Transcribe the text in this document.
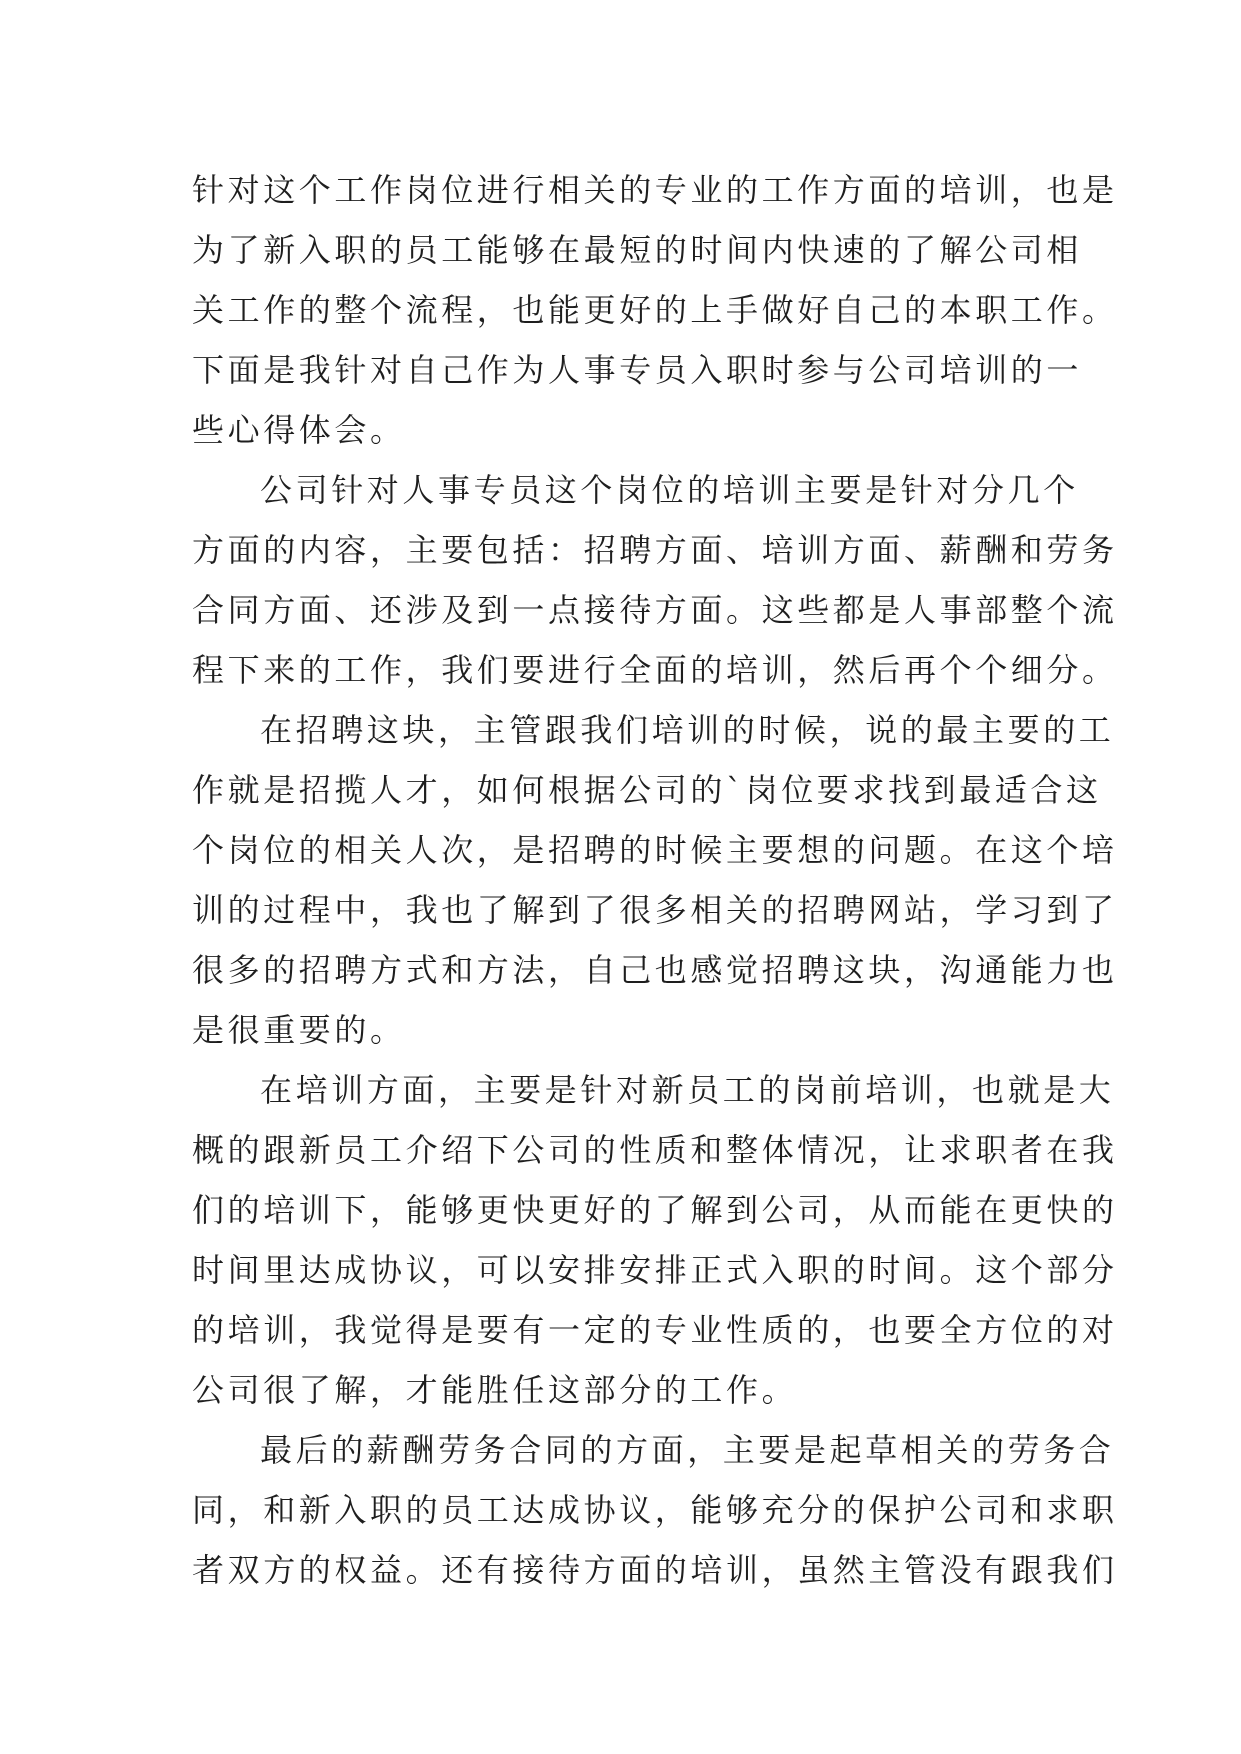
针对这个工作岗位进行相关的专业的工作方面的培训，也是
为了新入职的员工能够在最短的时间内快速的了解公司相
关工作的整个流程，也能更好的上手做好自己的本职工作。
下面是我针对自己作为人事专员入职时参与公司培训的一
些心得体会。
公司针对人事专员这个岗位的培训主要是针对分几个
方面的内容，主要包括：招聘方面、培训方面、薪酬和劳务
合同方面、还涉及到一点接待方面。这些都是人事部整个流
程下来的工作，我们要进行全面的培训，然后再个个细分。
在招聘这块，主管跟我们培训的时候，说的最主要的工
作就是招揽人才，如何根据公司的`岗位要求找到最适合这
个岗位的相关人次，是招聘的时候主要想的问题。在这个培
训的过程中，我也了解到了很多相关的招聘网站，学习到了
很多的招聘方式和方法，自己也感觉招聘这块，沟通能力也
是很重要的。
在培训方面，主要是针对新员工的岗前培训，也就是大
概的跟新员工介绍下公司的性质和整体情况，让求职者在我
们的培训下，能够更快更好的了解到公司，从而能在更快的
时间里达成协议，可以安排安排正式入职的时间。这个部分
的培训，我觉得是要有一定的专业性质的，也要全方位的对
公司很了解，才能胜任这部分的工作。
最后的薪酬劳务合同的方面，主要是起草相关的劳务合
同，和新入职的员工达成协议，能够充分的保护公司和求职
者双方的权益。还有接待方面的培训，虽然主管没有跟我们
